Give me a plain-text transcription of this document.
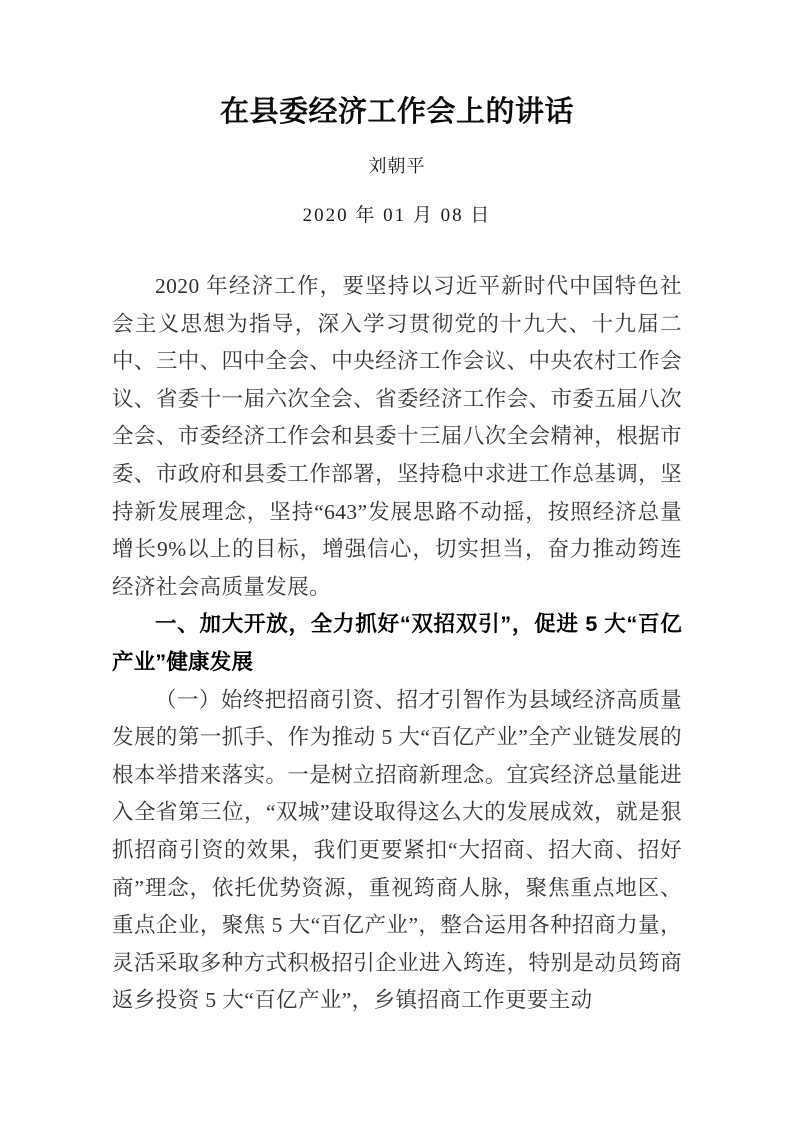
在县委经济工作会上的讲话
刘朝平
2020 年 01 月 08 日

2020 年经济工作，要坚持以习近平新时代中国特色社会主义思想为指导，深入学习贯彻党的十九大、十九届二中、三中、四中全会、中央经济工作会议、中央农村工作会议、省委十一届六次全会、省委经济工作会、市委五届八次全会、市委经济工作会和县委十三届八次全会精神，根据市委、市政府和县委工作部署，坚持稳中求进工作总基调，坚持新发展理念，坚持“643”发展思路不动摇，按照经济总量增长9%以上的目标，增强信心，切实担当，奋力推动筠连经济社会高质量发展。

一、加大开放，全力抓好“双招双引”，促进 5 大“百亿产业”健康发展

（一）始终把招商引资、招才引智作为县域经济高质量发展的第一抓手、作为推动 5 大“百亿产业”全产业链发展的根本举措来落实。一是树立招商新理念。宜宾经济总量能进入全省第三位，“双城”建设取得这么大的发展成效，就是狠抓招商引资的效果，我们更要紧扣“大招商、招大商、招好商”理念，依托优势资源，重视筠商人脉，聚焦重点地区、重点企业，聚焦 5 大“百亿产业”，整合运用各种招商力量，灵活采取多种方式积极招引企业进入筠连，特别是动员筠商返乡投资 5 大“百亿产业”，乡镇招商工作更要主动
